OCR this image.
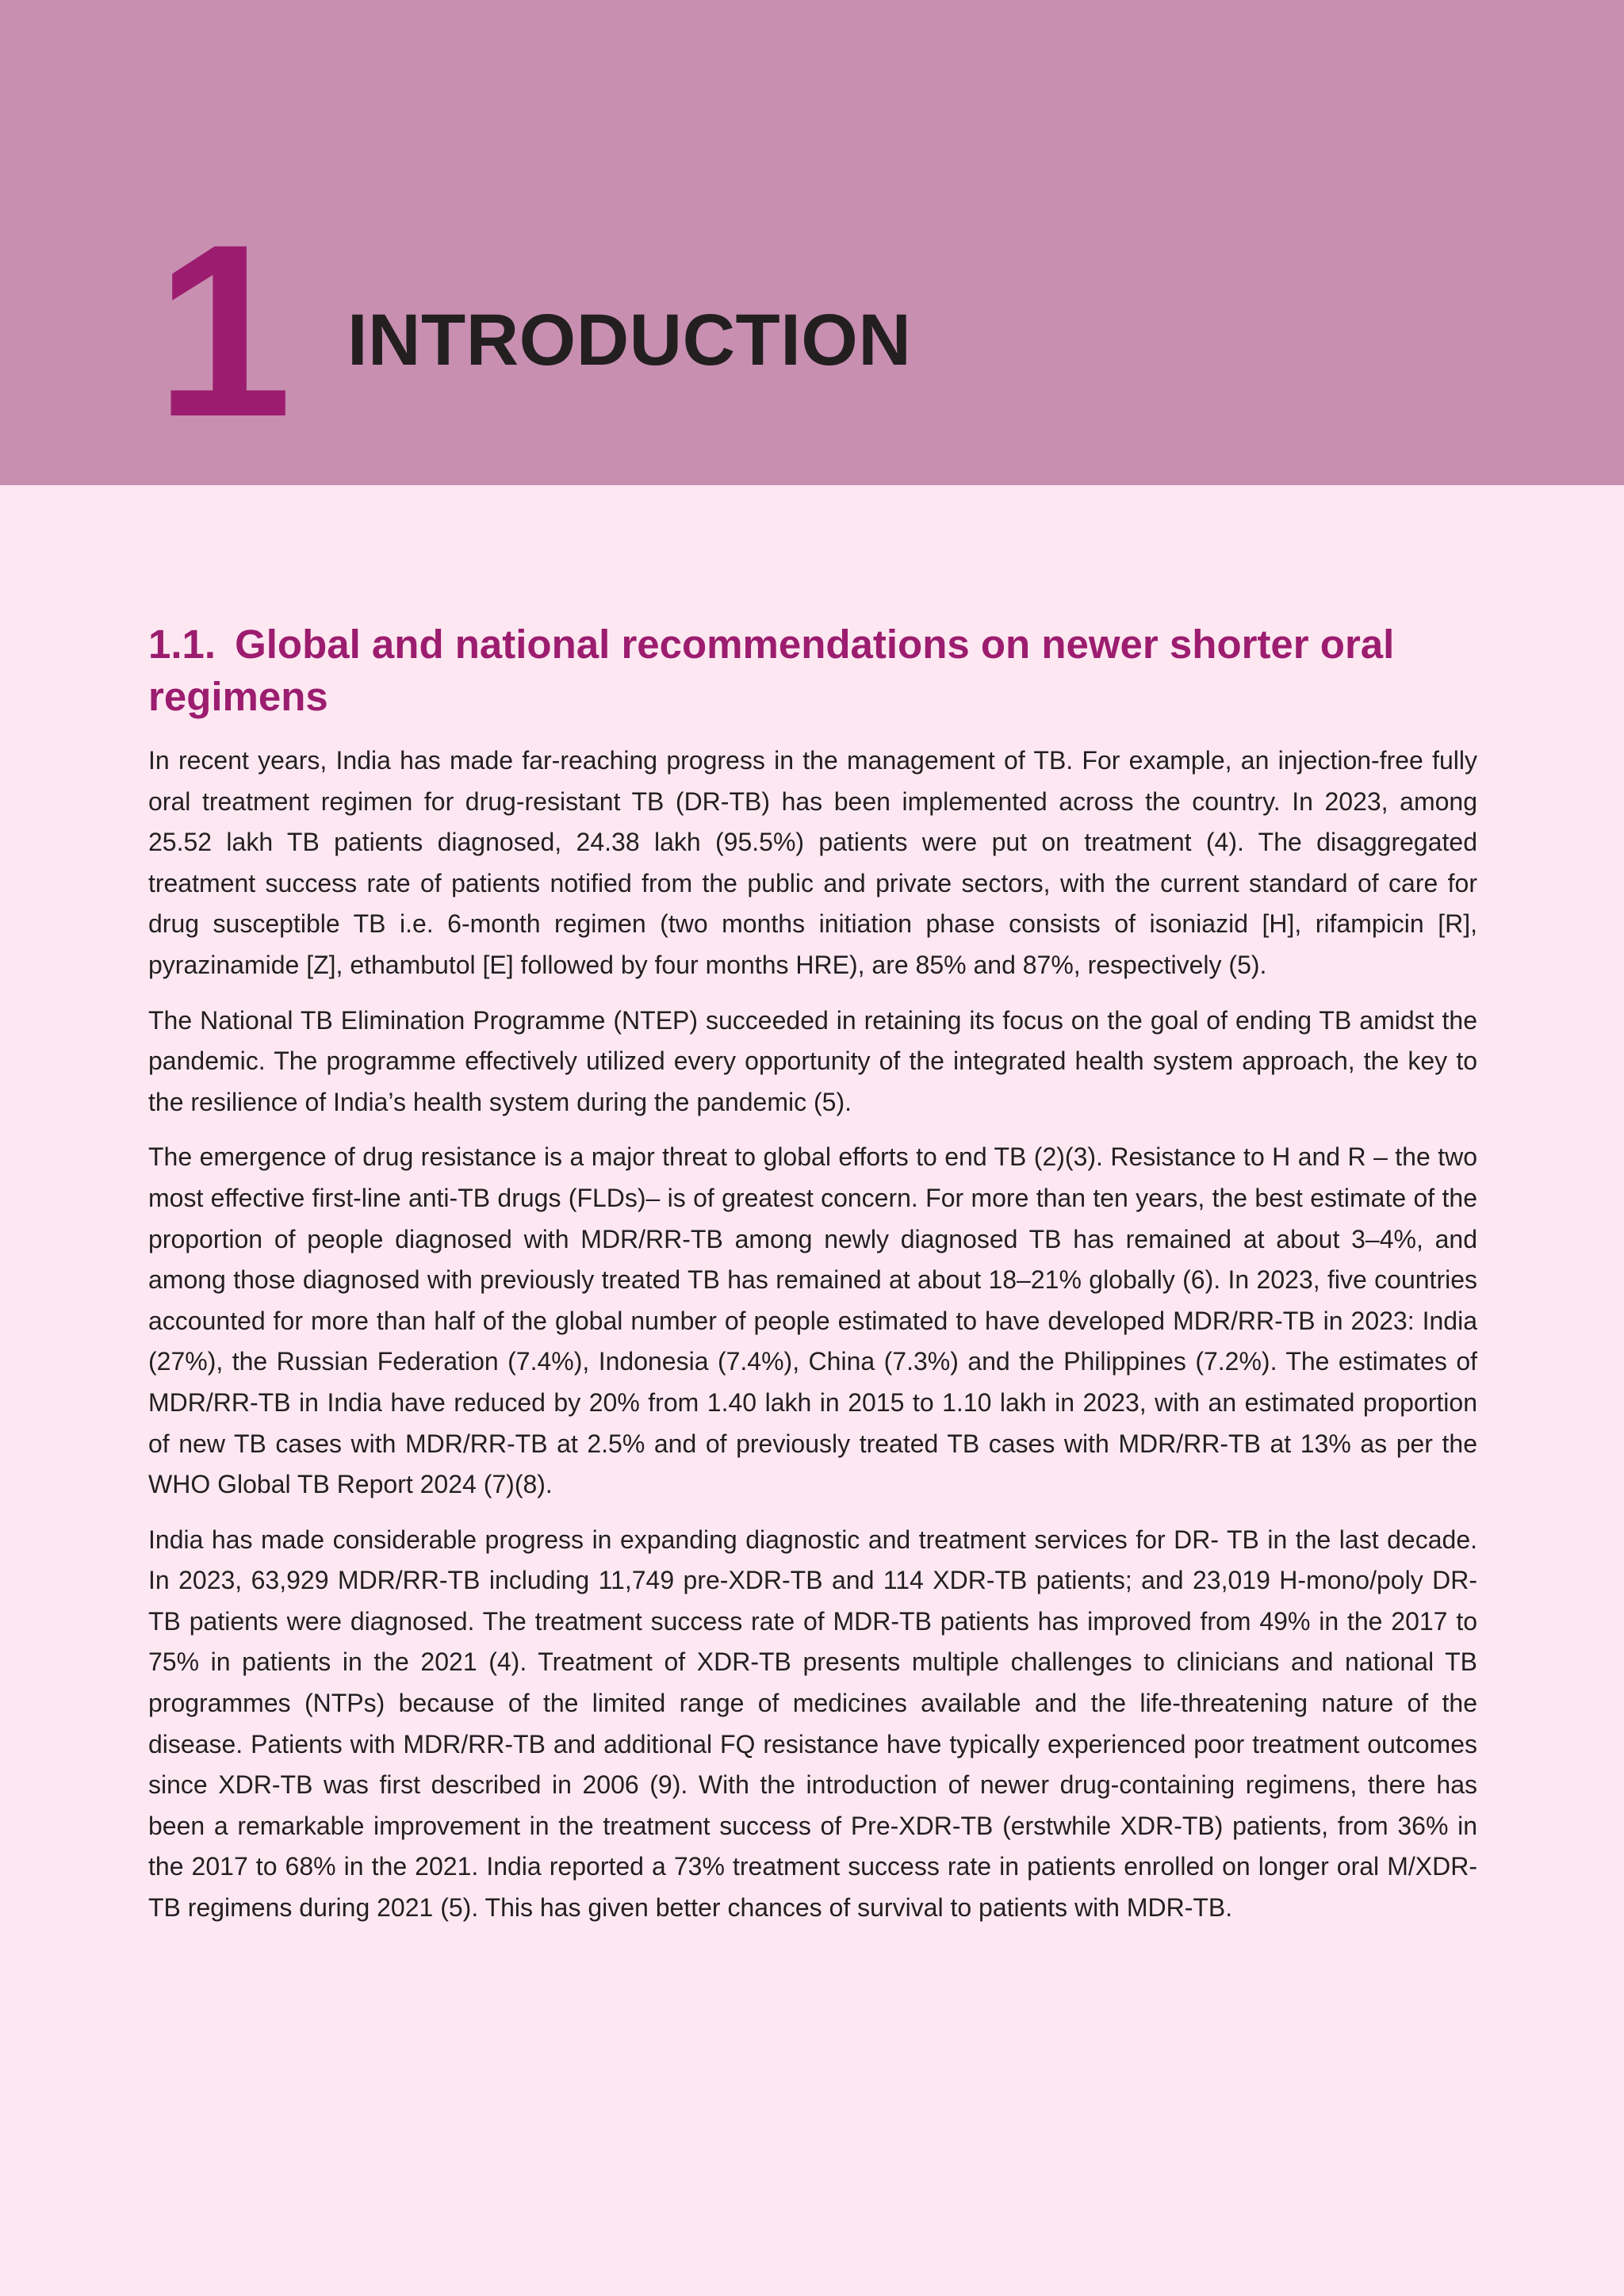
1 INTRODUCTION
1.1. Global and national recommendations on newer shorter oral regimens

In recent years, India has made far-reaching progress in the management of TB. For example, an injection-free fully oral treatment regimen for drug-resistant TB (DR-TB) has been implemented across the country. In 2023, among 25.52 lakh TB patients diagnosed, 24.38 lakh (95.5%) patients were put on treatment (4). The disaggregated treatment success rate of patients notified from the public and private sectors, with the current standard of care for drug susceptible TB i.e. 6-month regimen (two months initiation phase consists of isoniazid [H], rifampicin [R], pyrazinamide [Z], ethambutol [E] followed by four months HRE), are 85% and 87%, respectively (5).

The National TB Elimination Programme (NTEP) succeeded in retaining its focus on the goal of ending TB amidst the pandemic. The programme effectively utilized every opportunity of the integrated health system approach, the key to the resilience of India’s health system during the pandemic (5).

The emergence of drug resistance is a major threat to global efforts to end TB (2)(3). Resistance to H and R – the two most effective first-line anti-TB drugs (FLDs)– is of greatest concern. For more than ten years, the best estimate of the proportion of people diagnosed with MDR/RR-TB among newly diagnosed TB has remained at about 3–4%, and among those diagnosed with previously treated TB has remained at about 18–21% globally (6). In 2023, five countries accounted for more than half of the global number of people estimated to have developed MDR/RR-TB in 2023: India (27%), the Russian Federation (7.4%), Indonesia (7.4%), China (7.3%) and the Philippines (7.2%). The estimates of MDR/RR-TB in India have reduced by 20% from 1.40 lakh in 2015 to 1.10 lakh in 2023, with an estimated proportion of new TB cases with MDR/RR-TB at 2.5% and of previously treated TB cases with MDR/RR-TB at 13% as per the WHO Global TB Report 2024 (7)(8).

India has made considerable progress in expanding diagnostic and treatment services for DR- TB in the last decade. In 2023, 63,929 MDR/RR-TB including 11,749 pre-XDR-TB and 114 XDR-TB patients; and 23,019 H-mono/poly DR-TB patients were diagnosed. The treatment success rate of MDR-TB patients has improved from 49% in the 2017 to 75% in patients in the 2021 (4). Treatment of XDR-TB presents multiple challenges to clinicians and national TB programmes (NTPs) because of the limited range of medicines available and the life-threatening nature of the disease. Patients with MDR/RR-TB and additional FQ resistance have typically experienced poor treatment outcomes since XDR-TB was first described in 2006 (9). With the introduction of newer drug-containing regimens, there has been a remarkable improvement in the treatment success of Pre-XDR-TB (erstwhile XDR-TB) patients, from 36% in the 2017 to 68% in the 2021. India reported a 73% treatment success rate in patients enrolled on longer oral M/XDR-TB regimens during 2021 (5). This has given better chances of survival to patients with MDR-TB.
